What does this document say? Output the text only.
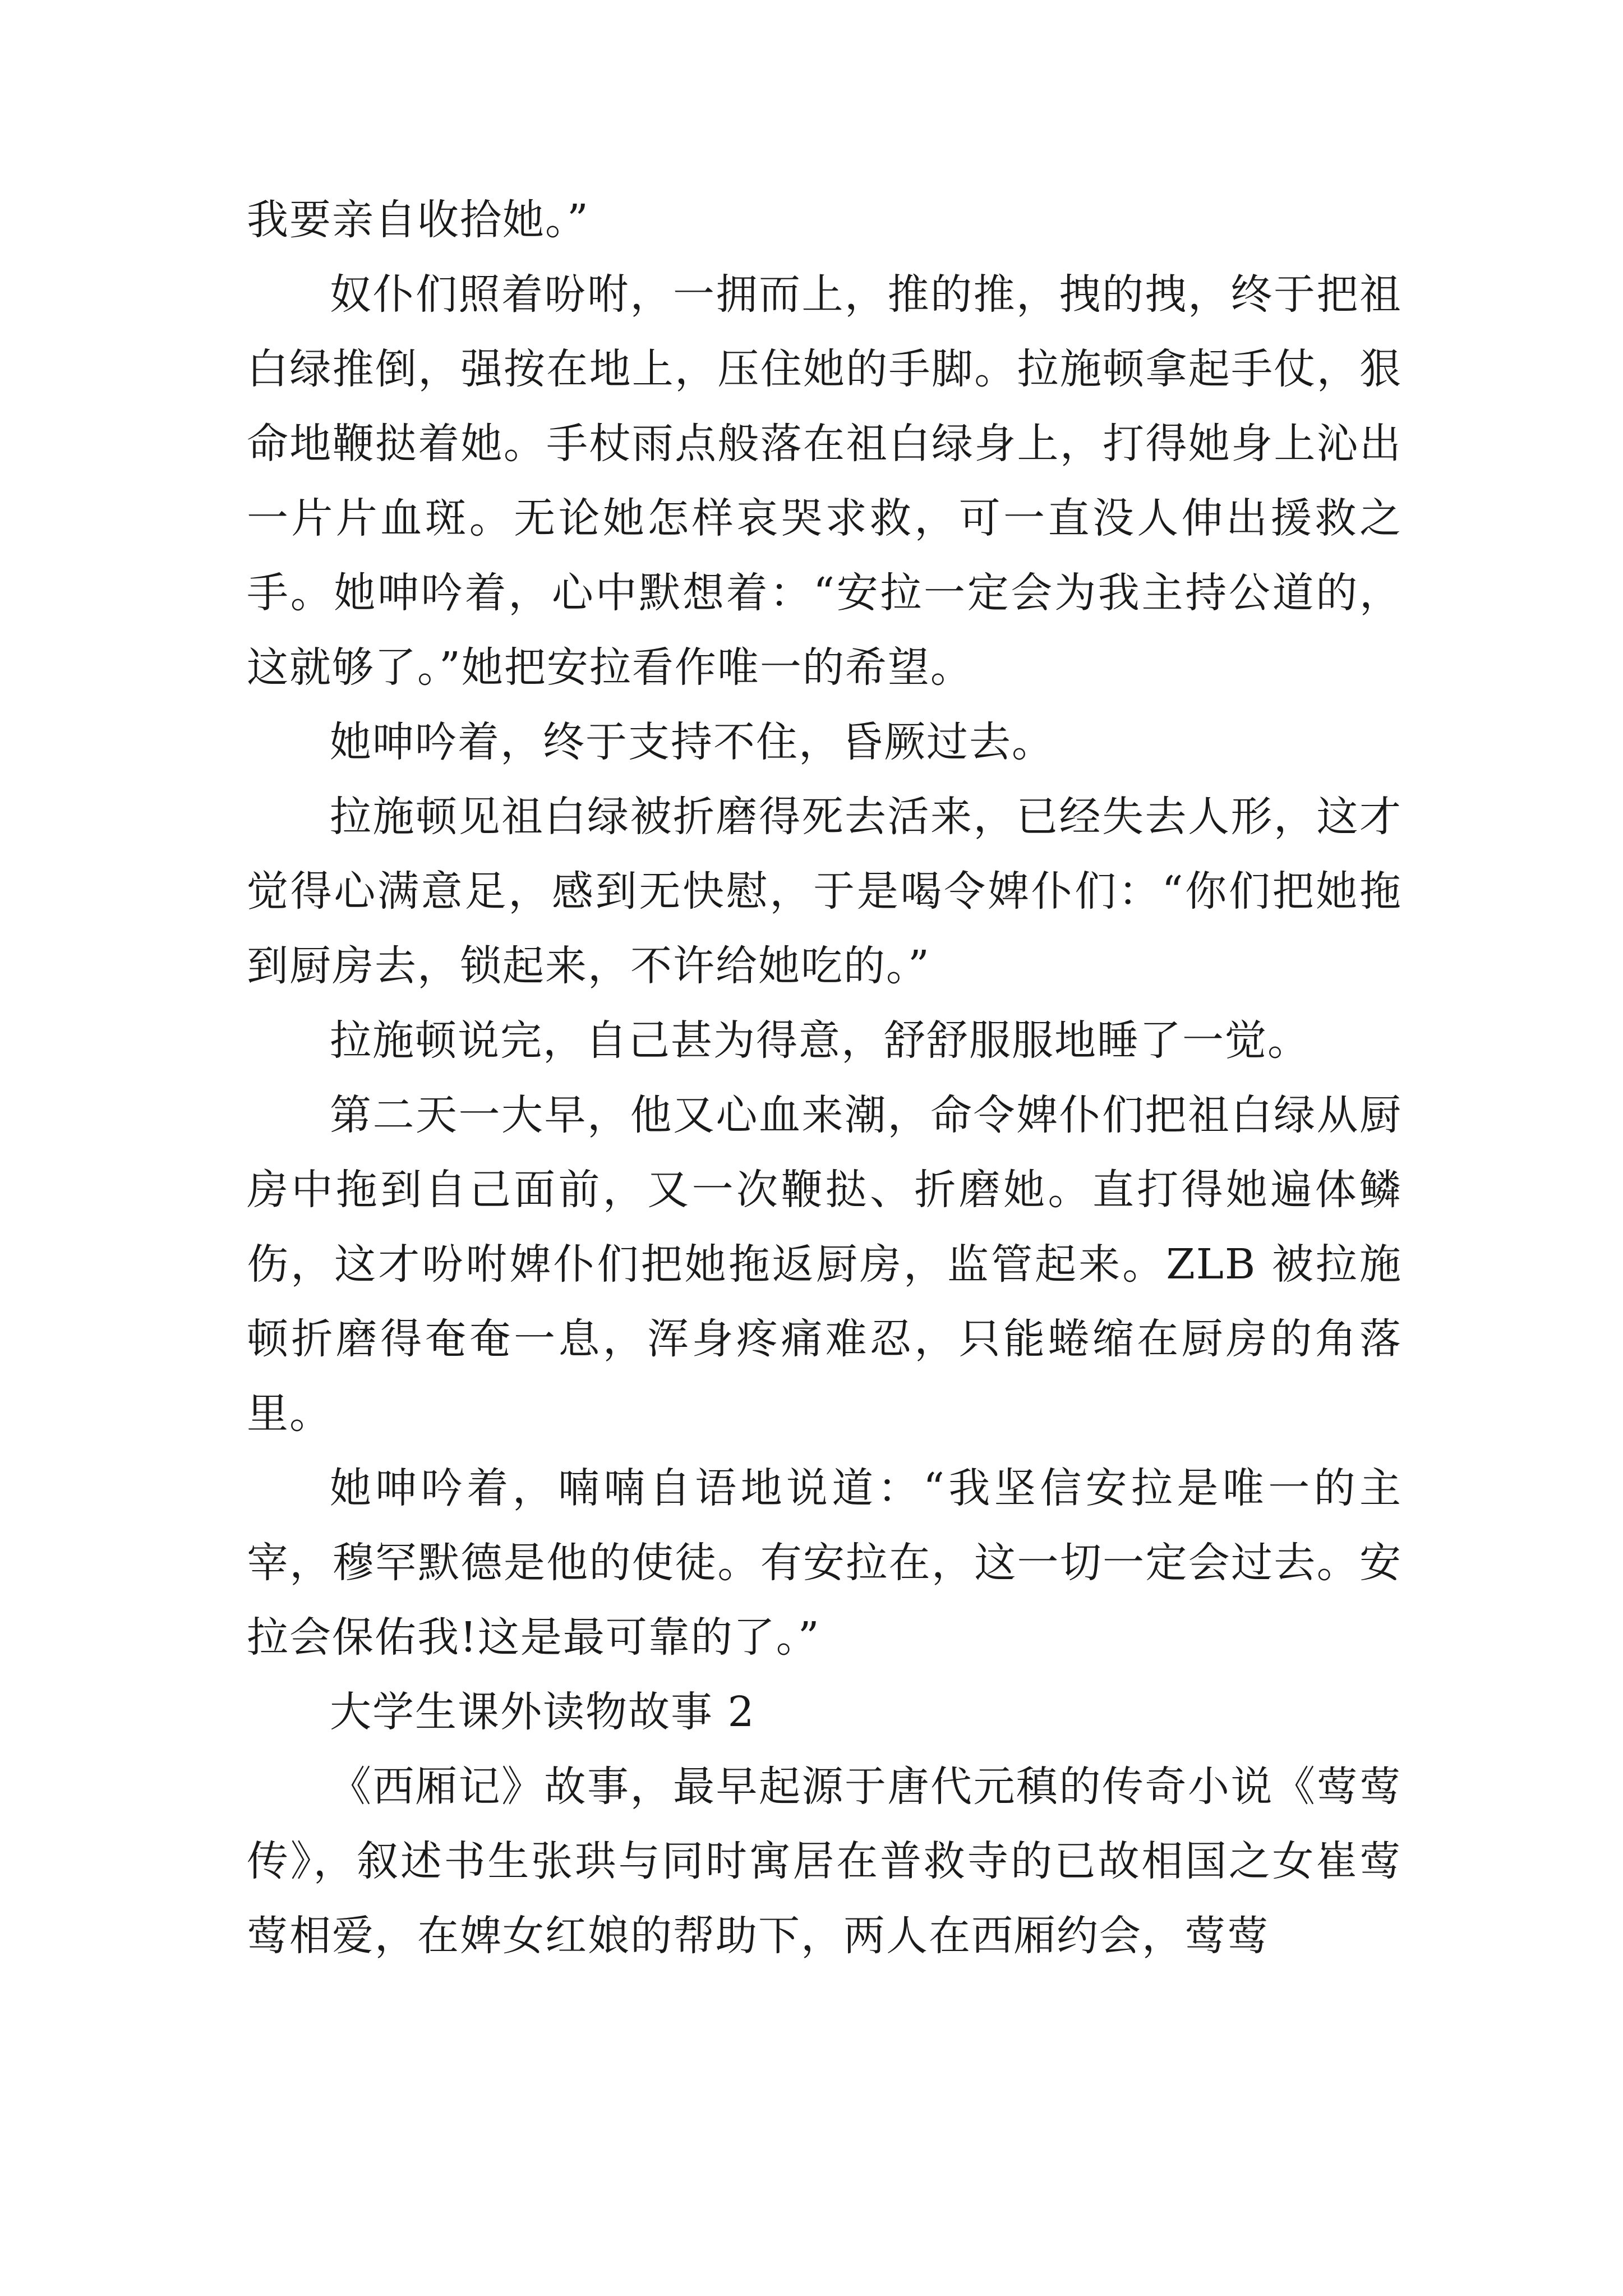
我要亲自收拾她。”

奴仆们照着吩咐，一拥而上，推的推，拽的拽，终于把祖白绿推倒，强按在地上，压住她的手脚。拉施顿拿起手仗，狠命地鞭挞着她。手杖雨点般落在祖白绿身上，打得她身上沁出一片片血斑。无论她怎样哀哭求救，可一直没人伸出援救之手。她呻吟着，心中默想着：“安拉一定会为我主持公道的，这就够了。”她把安拉看作唯一的希望。

她呻吟着，终于支持不住，昏厥过去。

拉施顿见祖白绿被折磨得死去活来，已经失去人形，这才觉得心满意足，感到无快慰，于是喝令婢仆们：“你们把她拖到厨房去，锁起来，不许给她吃的。”

拉施顿说完，自己甚为得意，舒舒服服地睡了一觉。

第二天一大早，他又心血来潮，命令婢仆们把祖白绿从厨房中拖到自己面前，又一次鞭挞、折磨她。直打得她遍体鳞伤，这才吩咐婢仆们把她拖返厨房，监管起来。ZLB 被拉施顿折磨得奄奄一息，浑身疼痛难忍，只能蜷缩在厨房的角落里。

她呻吟着，喃喃自语地说道：“我坚信安拉是唯一的主宰，穆罕默德是他的使徒。有安拉在，这一切一定会过去。安拉会保佑我!这是最可靠的了。”

大学生课外读物故事 2

《西厢记》故事，最早起源于唐代元稹的传奇小说《莺莺传》，叙述书生张珙与同时寓居在普救寺的已故相国之女崔莺莺相爱，在婢女红娘的帮助下，两人在西厢约会，莺莺
